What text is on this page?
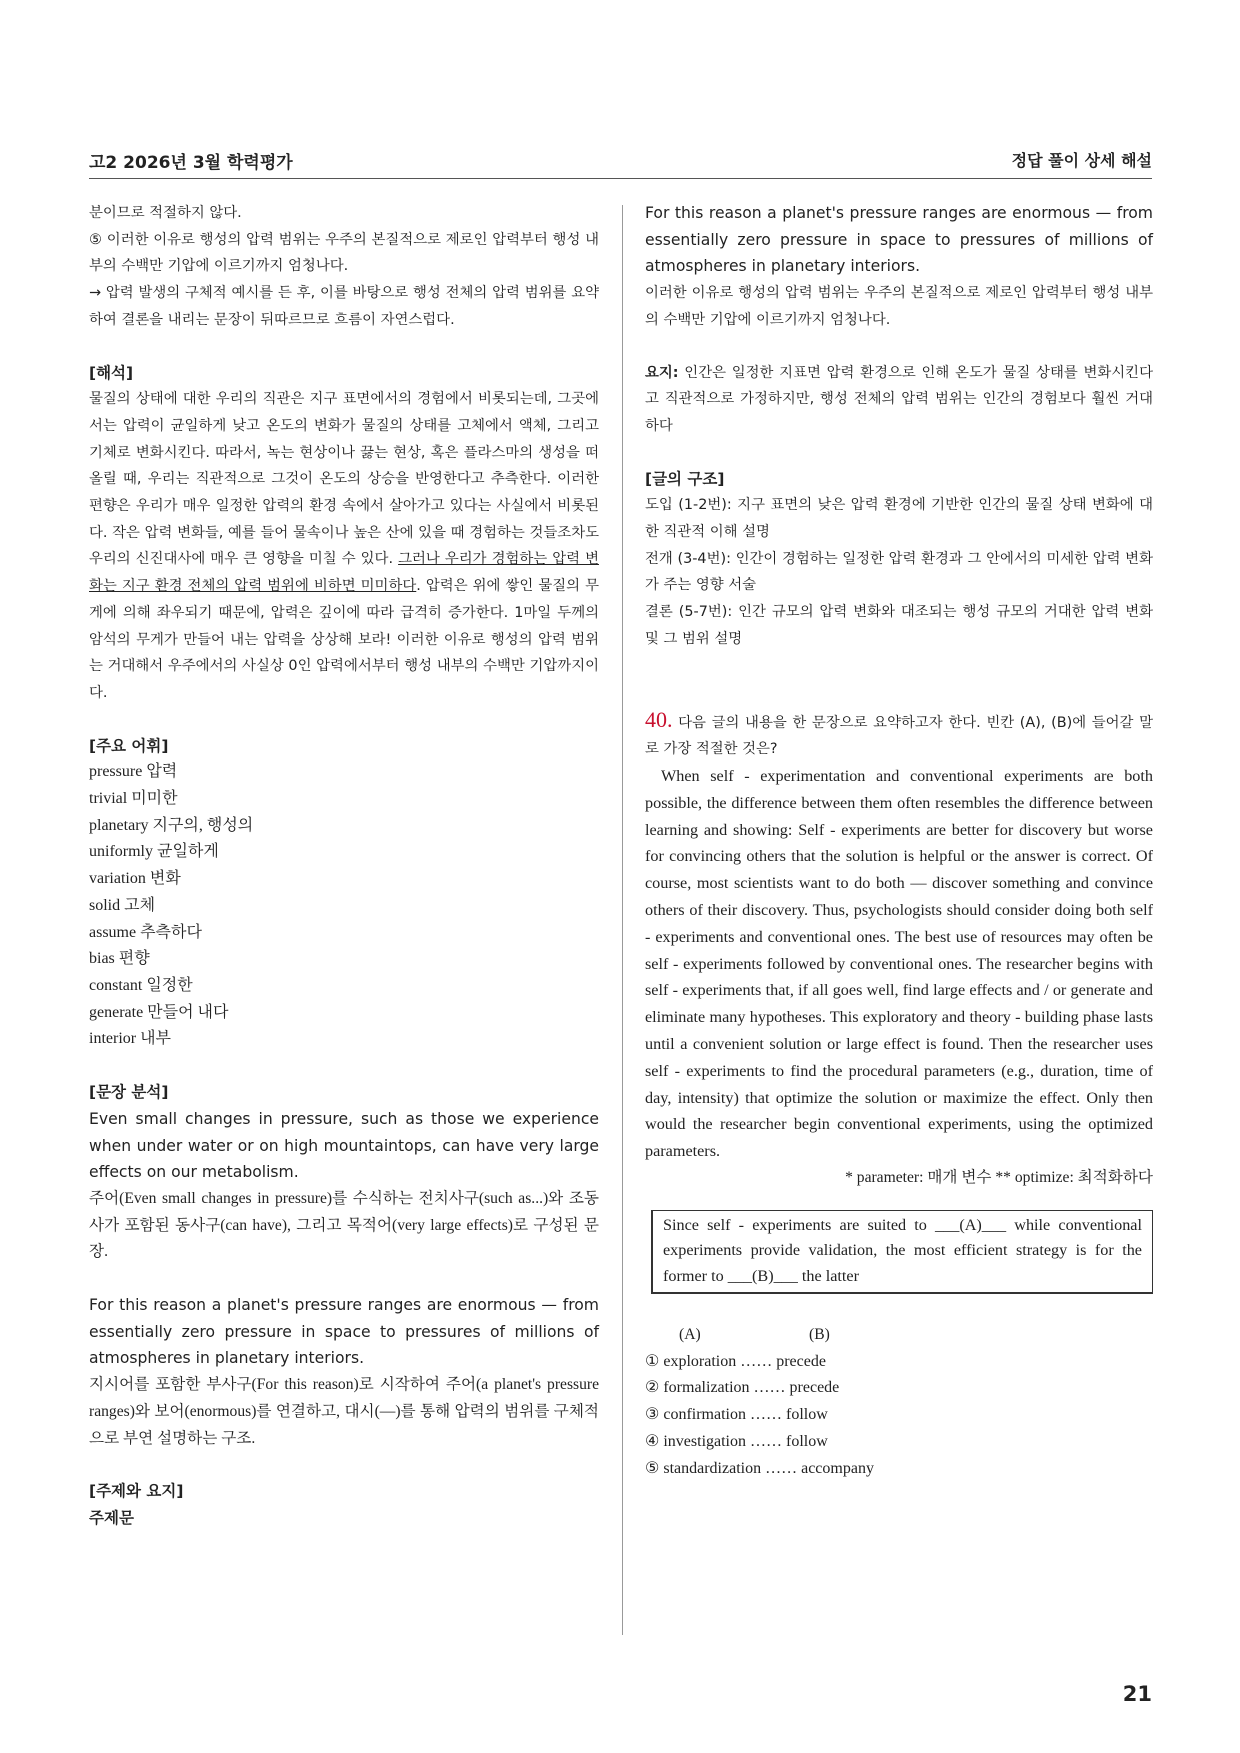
고2 2026년 3월 학력평가	정답 풀이 상세 해설

분이므로 적절하지 않다.

⑤ 이러한 이유로 행성의 압력 범위는 우주의 본질적으로 제로인 압력부터 행성 내부의 수백만 기압에 이르기까지 엄청나다.

→ 압력 발생의 구체적 예시를 든 후, 이를 바탕으로 행성 전체의 압력 범위를 요약하여 결론을 내리는 문장이 뒤따르므로 흐름이 자연스럽다.

[해석]

물질의 상태에 대한 우리의 직관은 지구 표면에서의 경험에서 비롯되는데, 그곳에서는 압력이 균일하게 낮고 온도의 변화가 물질의 상태를 고체에서 액체, 그리고 기체로 변화시킨다. 따라서, 녹는 현상이나 끓는 현상, 혹은 플라스마의 생성을 떠올릴 때, 우리는 직관적으로 그것이 온도의 상승을 반영한다고 추측한다. 이러한 편향은 우리가 매우 일정한 압력의 환경 속에서 살아가고 있다는 사실에서 비롯된다. 작은 압력 변화들, 예를 들어 물속이나 높은 산에 있을 때 경험하는 것들조차도 우리의 신진대사에 매우 큰 영향을 미칠 수 있다. 그러나 우리가 경험하는 압력 변화는 지구 환경 전체의 압력 범위에 비하면 미미하다. 압력은 위에 쌓인 물질의 무게에 의해 좌우되기 때문에, 압력은 깊이에 따라 급격히 증가한다. 1마일 두께의 암석의 무게가 만들어 내는 압력을 상상해 보라! 이러한 이유로 행성의 압력 범위는 거대해서 우주에서의 사실상 0인 압력에서부터 행성 내부의 수백만 기압까지이다.

[주요 어휘]

pressure 압력
trivial 미미한
planetary 지구의, 행성의
uniformly 균일하게
variation 변화
solid 고체
assume 추측하다
bias 편향
constant 일정한
generate 만들어 내다
interior 내부

[문장 분석]

Even small changes in pressure, such as those we experience when under water or on high mountaintops, can have very large effects on our metabolism.

주어(Even small changes in pressure)를 수식하는 전치사구(such as...)와 조동사가 포함된 동사구(can have), 그리고 목적어(very large effects)로 구성된 문장.

For this reason a planet's pressure ranges are enormous — from essentially zero pressure in space to pressures of millions of atmospheres in planetary interiors.

지시어를 포함한 부사구(For this reason)로 시작하여 주어(a planet's pressure ranges)와 보어(enormous)를 연결하고, 대시(—)를 통해 압력의 범위를 구체적으로 부연 설명하는 구조.

[주제와 요지]

주제문

For this reason a planet's pressure ranges are enormous — from essentially zero pressure in space to pressures of millions of atmospheres in planetary interiors.

이러한 이유로 행성의 압력 범위는 우주의 본질적으로 제로인 압력부터 행성 내부의 수백만 기압에 이르기까지 엄청나다.

요지: 인간은 일정한 지표면 압력 환경으로 인해 온도가 물질 상태를 변화시킨다고 직관적으로 가정하지만, 행성 전체의 압력 범위는 인간의 경험보다 훨씬 거대하다

[글의 구조]

도입 (1-2번): 지구 표면의 낮은 압력 환경에 기반한 인간의 물질 상태 변화에 대한 직관적 이해 설명

전개 (3-4번): 인간이 경험하는 일정한 압력 환경과 그 안에서의 미세한 압력 변화가 주는 영향 서술

결론 (5-7번): 인간 규모의 압력 변화와 대조되는 행성 규모의 거대한 압력 변화 및 그 범위 설명

40. 다음 글의 내용을 한 문장으로 요약하고자 한다. 빈칸 (A), (B)에 들어갈 말로 가장 적절한 것은?

When self - experimentation and conventional experiments are both possible, the difference between them often resembles the difference between learning and showing: Self - experiments are better for discovery but worse for convincing others that the solution is helpful or the answer is correct. Of course, most scientists want to do both — discover something and convince others of their discovery. Thus, psychologists should consider doing both self - experiments and conventional ones. The best use of resources may often be self - experiments followed by conventional ones. The researcher begins with self - experiments that, if all goes well, find large effects and / or generate and eliminate many hypotheses. This exploratory and theory - building phase lasts until a convenient solution or large effect is found. Then the researcher uses self - experiments to find the procedural parameters (e.g., duration, time of day, intensity) that optimize the solution or maximize the effect. Only then would the researcher begin conventional experiments, using the optimized parameters.

* parameter: 매개 변수 ** optimize: 최적화하다

Since self - experiments are suited to ___(A)___ while conventional experiments provide validation, the most efficient strategy is for the former to ___(B)___ the latter

(A)	(B)
① exploration …… precede
② formalization …… precede
③ confirmation …… follow
④ investigation …… follow
⑤ standardization …… accompany
21
